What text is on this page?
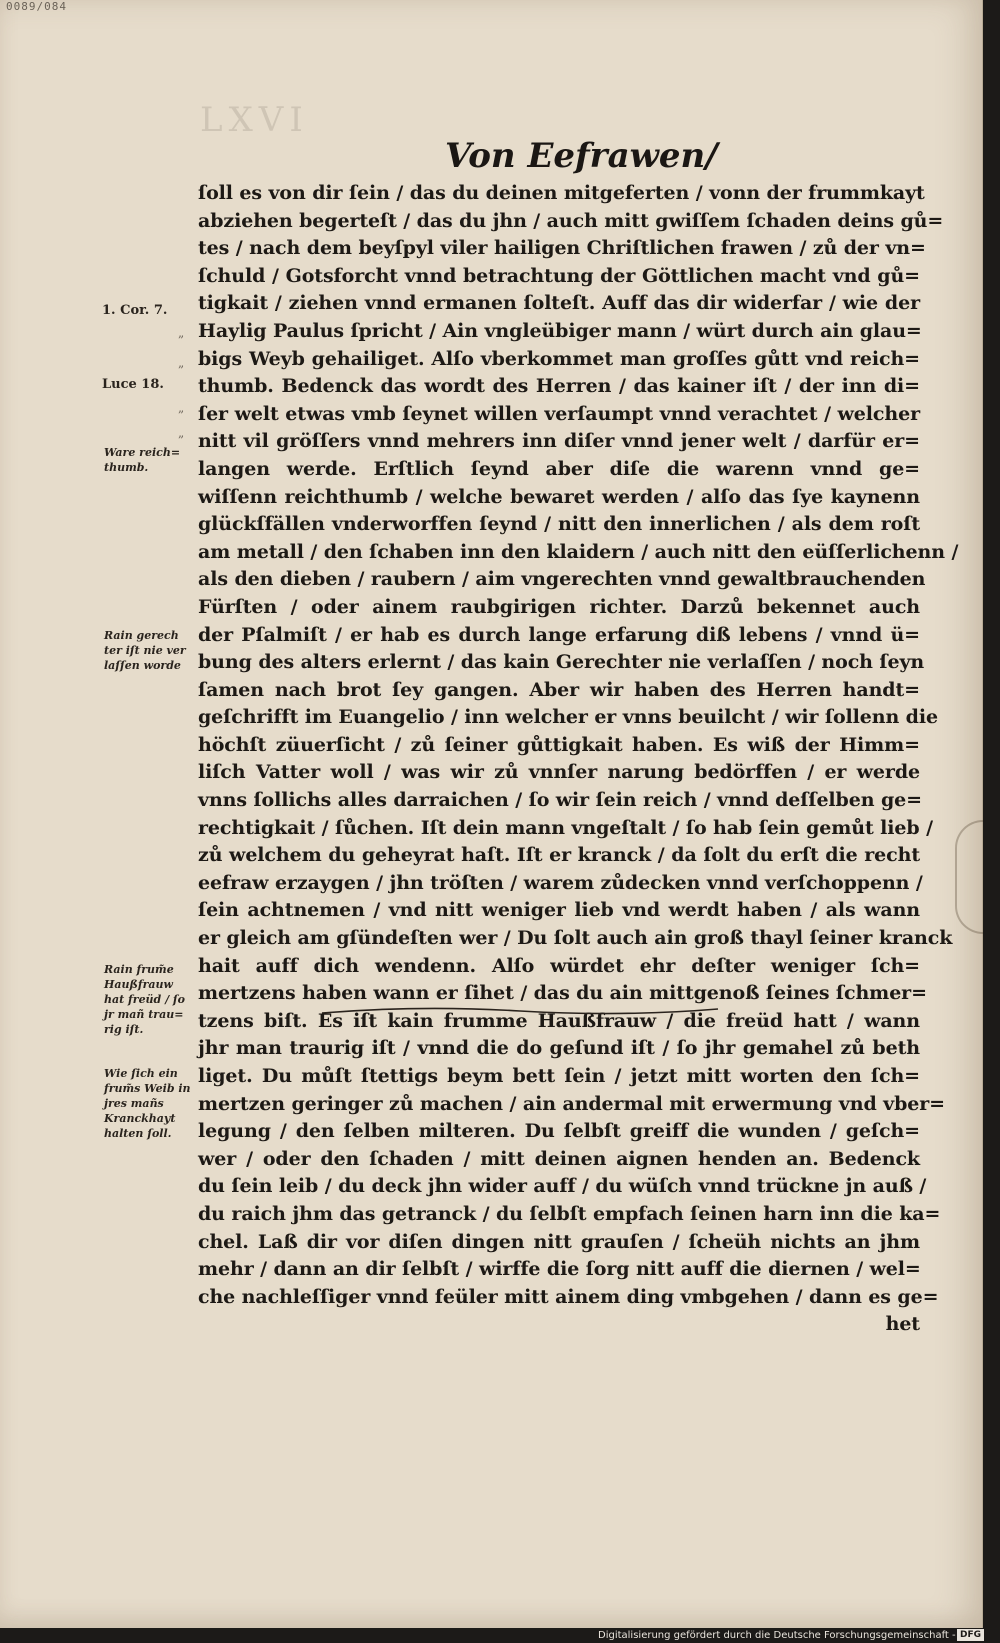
0089/084
LXVI
Von Eefrawen/
ſoll es von dir ſein / das du deinen mitgeferten / vonn der frummkayt
abziehen begerteſt / das du jhn / auch mitt gwiſſem ſchaden deins gů=
tes / nach dem beyſpyl viler hailigen Chriſtlichen frawen / zů der vn=
ſchuld / Gotsforcht vnnd betrachtung der Göttlichen macht vnd gů=
tigkait / ziehen vnnd ermanen ſolteſt. Auff das dir widerfar / wie der
Haylig Paulus ſpricht / Ain vngleübiger mann / würt durch ain glau=
bigs Weyb gehailiget. Alſo vberkommet man groſſes gůtt vnd reich=
thumb. Bedenck das wordt des Herren / das kainer iſt / der inn di=
ſer welt etwas vmb ſeynet willen verſaumpt vnnd verachtet / welcher
nitt vil gröſſers vnnd mehrers inn diſer vnnd jener welt / darfür er=
langen werde. Erſtlich ſeynd aber diſe die warenn vnnd ge=
wiſſenn reichthumb / welche bewaret werden / alſo das ſye kaynenn
glückſfällen vnderworffen ſeynd / nitt den innerlichen / als dem roſt
am metall / den ſchaben inn den klaidern / auch nitt den eüſſerlichenn /
als den dieben / raubern / aim vngerechten vnnd gewaltbrauchenden
Fürſten / oder ainem raubgirigen richter. Darzů bekennet auch
der Pſalmiſt / er hab es durch lange erfarung diß lebens / vnnd ü=
bung des alters erlernt / das kain Gerechter nie verlaſſen / noch ſeyn
ſamen nach brot ſey gangen. Aber wir haben des Herren handt=
geſchrifft im Euangelio / inn welcher er vnns beuilcht / wir ſollenn die
höchſt züuerſicht / zů ſeiner gůttigkait haben. Es wiß der Himm=
liſch Vatter woll / was wir zů vnnſer narung bedörffen / er werde
vnns ſollichs alles darraichen / ſo wir ſein reich / vnnd deſſelben ge=
rechtigkait / ſůchen. Iſt dein mann vngeſtalt / ſo hab ſein gemůt lieb /
zů welchem du geheyrat haſt. Iſt er kranck / da ſolt du erſt die recht
eefraw erzaygen / jhn tröſten / warem zůdecken vnnd verſchoppenn /
ſein achtnemen / vnd nitt weniger lieb vnd werdt haben / als wann
er gleich am gſündeſten wer / Du ſolt auch ain groß thayl ſeiner kranck
hait auff dich wendenn. Alſo würdet ehr deſter weniger ſch=
mertzens haben wann er ſihet / das du ain mittgenoß ſeines ſchmer=
tzens biſt. Es iſt kain frumme Haußfrauw / die freüd hatt / wann
jhr man traurig iſt / vnnd die do geſund iſt / ſo jhr gemahel zů beth
liget. Du můſt ſtettigs beym bett ſein / jetzt mitt worten den ſch=
mertzen geringer zů machen / ain andermal mit erwermung vnd vber=
legung / den ſelben milteren. Du ſelbſt greiff die wunden / geſch=
wer / oder den ſchaden / mitt deinen aignen henden an. Bedenck
du ſein leib / du deck jhn wider auff / du wüſch vnnd trückne jn auß /
du raich jhm das getranck / du ſelbſt empfach ſeinen harn inn die ka=
chel. Laß dir vor diſen dingen nitt grauſen / ſcheüh nichts an jhm
mehr / dann an dir ſelbſt / wirffe die ſorg nitt auff die diernen / wel=
che nachleſſiger vnnd feüler mitt ainem ding vmbgehen / dann es ge=
het
1. Cor. 7.
„
„
Luce 18.
„
„
Ware reich= thumb.
Rain gerech ter iſt nie ver laſſen worde
Rain frum̃e Haußfrauw hat freüd / ſo jr mañ trau= rig iſt.
Wie ſich ein frum̃s Weib in jres mañs Kranckhayt halten ſoll.
Digitalisierung gefördert durch die Deutsche Forschungsgemeinschaft - DFG
